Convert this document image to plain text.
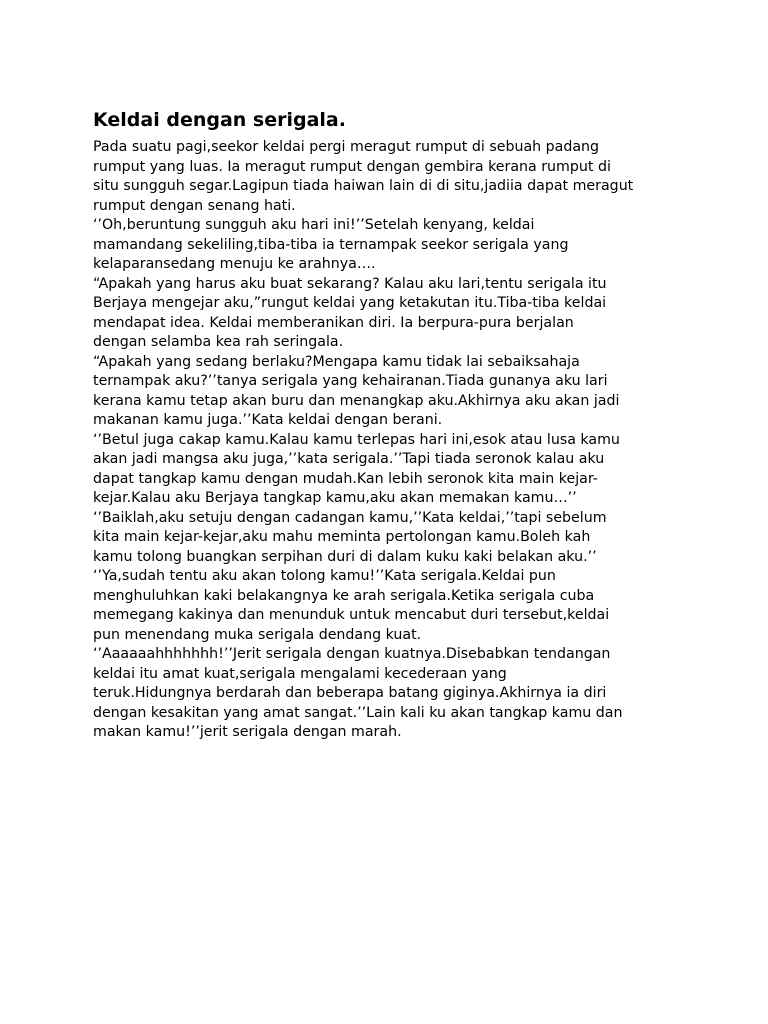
Keldai dengan serigala.
Pada suatu pagi,seekor keldai pergi meragut rumput di sebuah padang
rumput yang luas. Ia meragut rumput dengan gembira kerana rumput di
situ sungguh segar.Lagipun tiada haiwan lain di di situ,jadiia dapat meragut
rumput dengan senang hati.
‘’Oh,beruntung sungguh aku hari ini!’’Setelah kenyang, keldai
mamandang sekeliling,tiba-tiba ia ternampak seekor serigala yang
kelaparansedang menuju ke arahnya….
“Apakah yang harus aku buat sekarang? Kalau aku lari,tentu serigala itu
Berjaya mengejar aku,”rungut keldai yang ketakutan itu.Tiba-tiba keldai
mendapat idea. Keldai memberanikan diri. Ia berpura-pura berjalan
dengan selamba kea rah seringala.
“Apakah yang sedang berlaku?Mengapa kamu tidak lai sebaiksahaja
ternampak aku?’’tanya serigala yang kehairanan.Tiada gunanya aku lari
kerana kamu tetap akan buru dan menangkap aku.Akhirnya aku akan jadi
makanan kamu juga.’’Kata keldai dengan berani.
‘’Betul juga cakap kamu.Kalau kamu terlepas hari ini,esok atau lusa kamu
akan jadi mangsa aku juga,’’kata serigala.’’Tapi tiada seronok kalau aku
dapat tangkap kamu dengan mudah.Kan lebih seronok kita main kejar-
kejar.Kalau aku Berjaya tangkap kamu,aku akan memakan kamu…’’
‘’Baiklah,aku setuju dengan cadangan kamu,’’Kata keldai,’’tapi sebelum
kita main kejar-kejar,aku mahu meminta pertolongan kamu.Boleh kah
kamu tolong buangkan serpihan duri di dalam kuku kaki belakan aku.’’
‘’Ya,sudah tentu aku akan tolong kamu!’’Kata serigala.Keldai pun
menghuluhkan kaki belakangnya ke arah serigala.Ketika serigala cuba
memegang kakinya dan menunduk untuk mencabut duri tersebut,keldai
pun menendang muka serigala dendang kuat.
‘’Aaaaaahhhhhhh!’’Jerit serigala dengan kuatnya.Disebabkan tendangan
keldai itu amat kuat,serigala mengalami kecederaan yang
teruk.Hidungnya berdarah dan beberapa batang giginya.Akhirnya ia diri
dengan kesakitan yang amat sangat.’’Lain kali ku akan tangkap kamu dan
makan kamu!’’jerit serigala dengan marah.
